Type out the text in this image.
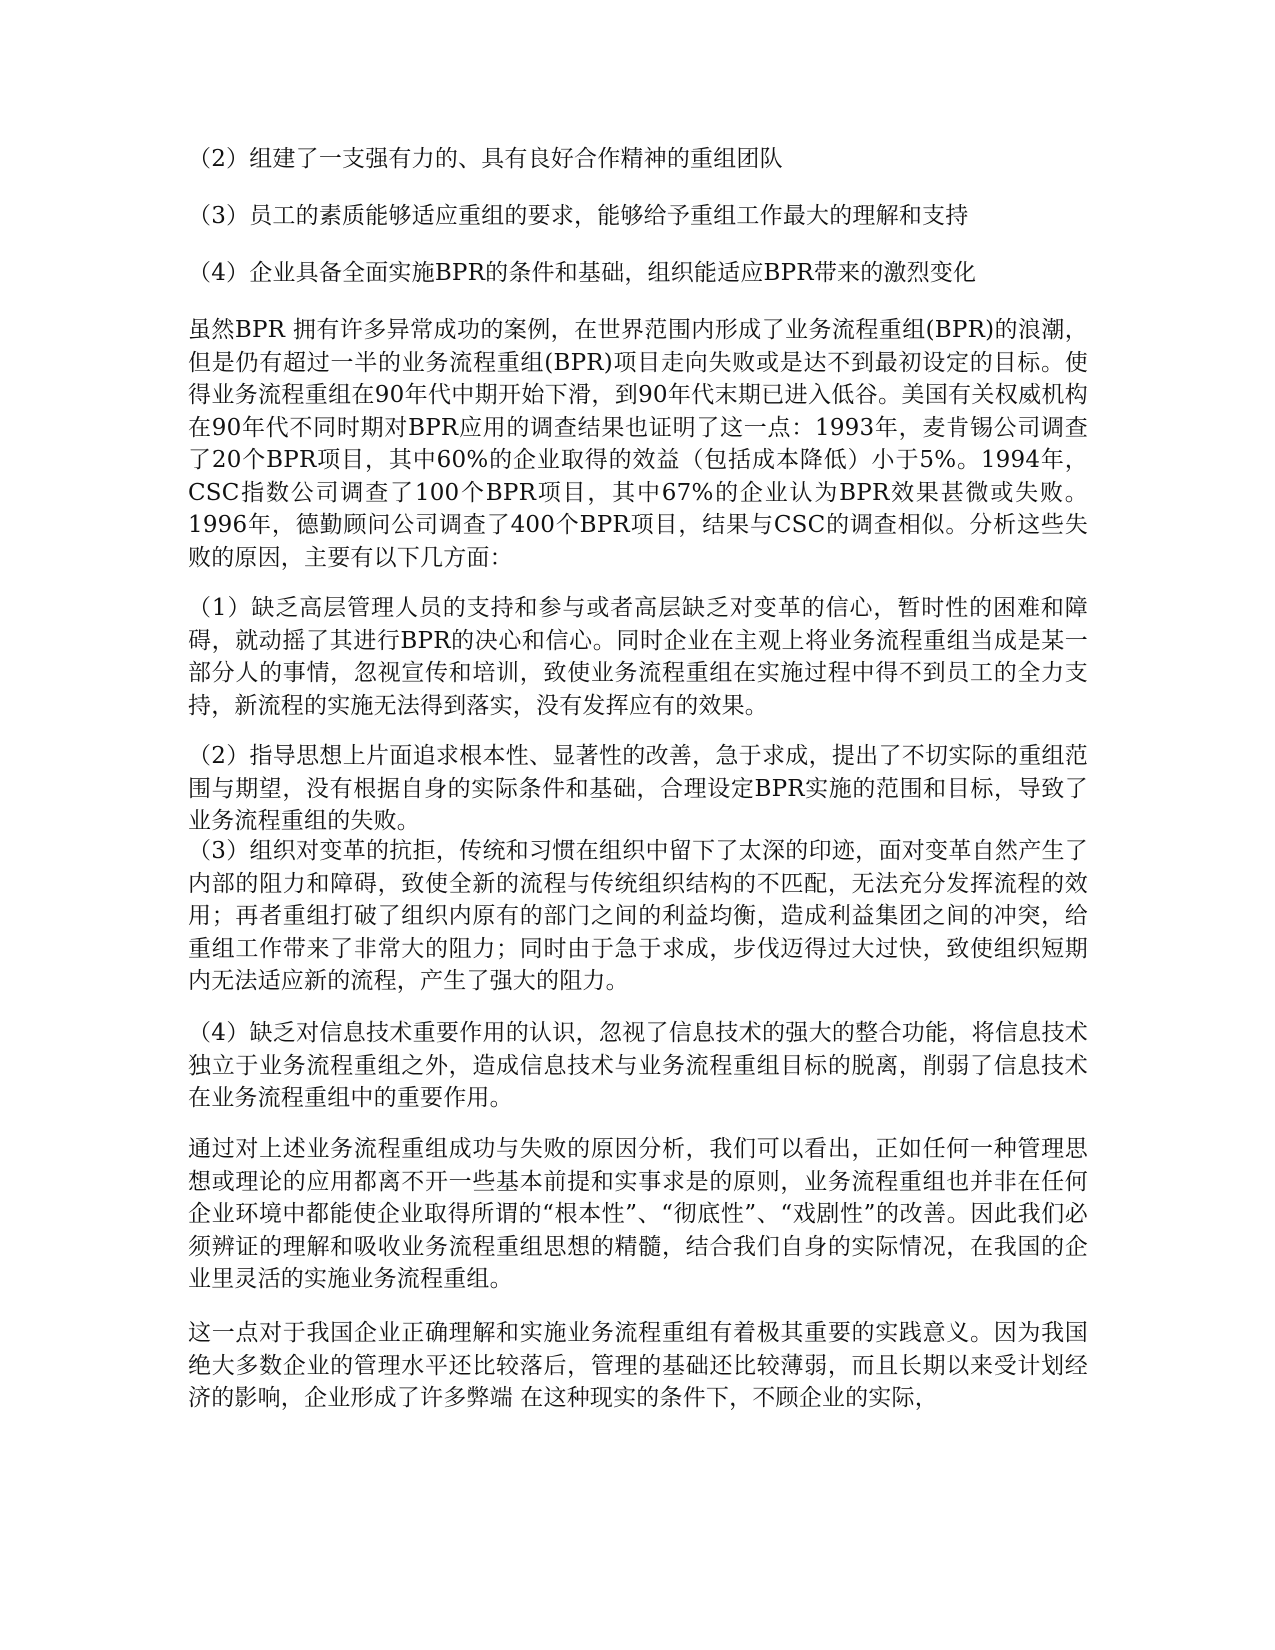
（2）组建了一支强有力的、具有良好合作精神的重组团队

（3）员工的素质能够适应重组的要求，能够给予重组工作最大的理解和支持

（4）企业具备全面实施BPR的条件和基础，组织能适应BPR带来的激烈变化

虽然BPR 拥有许多异常成功的案例，在世界范围内形成了业务流程重组(BPR)的浪潮，但是仍有超过一半的业务流程重组(BPR)项目走向失败或是达不到最初设定的目标。使得业务流程重组在90年代中期开始下滑，到90年代末期已进入低谷。美国有关权威机构在90年代不同时期对BPR应用的调查结果也证明了这一点：1993年，麦肯锡公司调查了20个BPR项目，其中60%的企业取得的效益（包括成本降低）小于5%。1994年，CSC指数公司调查了100个BPR项目，其中67%的企业认为BPR效果甚微或失败。1996年，德勤顾问公司调查了400个BPR项目，结果与CSC的调查相似。分析这些失败的原因，主要有以下几方面：

（1）缺乏高层管理人员的支持和参与或者高层缺乏对变革的信心，暂时性的困难和障碍，就动摇了其进行BPR的决心和信心。同时企业在主观上将业务流程重组当成是某一部分人的事情，忽视宣传和培训，致使业务流程重组在实施过程中得不到员工的全力支持，新流程的实施无法得到落实，没有发挥应有的效果。

（2）指导思想上片面追求根本性、显著性的改善，急于求成，提出了不切实际的重组范围与期望，没有根据自身的实际条件和基础，合理设定BPR实施的范围和目标，导致了业务流程重组的失败。

（3）组织对变革的抗拒，传统和习惯在组织中留下了太深的印迹，面对变革自然产生了内部的阻力和障碍，致使全新的流程与传统组织结构的不匹配，无法充分发挥流程的效用；再者重组打破了组织内原有的部门之间的利益均衡，造成利益集团之间的冲突，给重组工作带来了非常大的阻力；同时由于急于求成，步伐迈得过大过快，致使组织短期内无法适应新的流程，产生了强大的阻力。

（4）缺乏对信息技术重要作用的认识，忽视了信息技术的强大的整合功能，将信息技术独立于业务流程重组之外，造成信息技术与业务流程重组目标的脱离，削弱了信息技术在业务流程重组中的重要作用。

通过对上述业务流程重组成功与失败的原因分析，我们可以看出，正如任何一种管理思想或理论的应用都离不开一些基本前提和实事求是的原则，业务流程重组也并非在任何企业环境中都能使企业取得所谓的“根本性”、“彻底性”、“戏剧性”的改善。因此我们必须辨证的理解和吸收业务流程重组思想的精髓，结合我们自身的实际情况，在我国的企业里灵活的实施业务流程重组。

这一点对于我国企业正确理解和实施业务流程重组有着极其重要的实践意义。因为我国绝大多数企业的管理水平还比较落后，管理的基础还比较薄弱，而且长期以来受计划经济的影响，企业形成了许多弊端 在这种现实的条件下，不顾企业的实际，
